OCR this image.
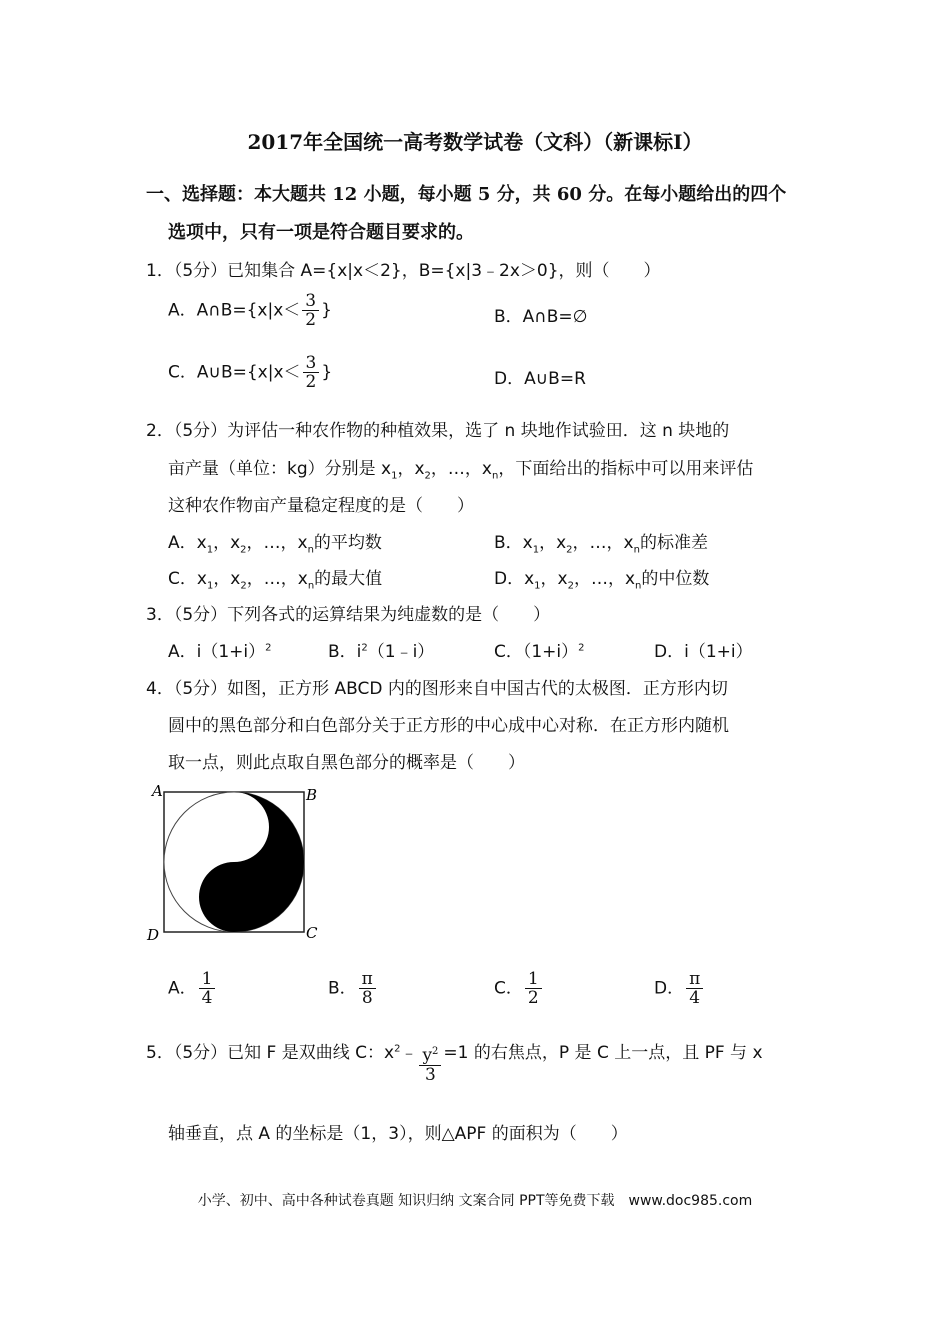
2017年全国统一高考数学试卷（文科）（新课标I）
一、选择题：本大题共 12 小题，每小题 5 分，共 60 分。在每小题给出的四个
选项中，只有一项是符合题目要求的。
1．（5分）已知集合 A={x|x＜2}，B={x|3﹣2x＞0}，则（　　）
A．A∩B={x|x＜ $\frac{3}{2}$ }	B．A∩B=∅
C．A∪B={x|x＜ $\frac{3}{2}$ }	D．A∪B=R
2．（5分）为评估一种农作物的种植效果，选了 n 块地作试验田．这 n 块地的
亩产量（单位：kg）分别是 $x_1$，$x_2$，…，$x_n$，下面给出的指标中可以用来评估
这种农作物亩产量稳定程度的是（　　）
A．$x_1$，$x_2$，…，$x_n$的平均数	B．$x_1$，$x_2$，…，$x_n$的标准差
C．$x_1$，$x_2$，…，$x_n$的最大值	D．$x_1$，$x_2$，…，$x_n$的中位数
3．（5分）下列各式的运算结果为纯虚数的是（　　）
A．$i(1+i)^2$	B．$i^2(1﹣i)$	C．$(1+i)^2$	D．i（1+i）
4．（5分）如图，正方形 ABCD 内的图形来自中国古代的太极图．正方形内切
圆中的黑色部分和白色部分关于正方形的中心成中心对称．在正方形内随机
取一点，则此点取自黑色部分的概率是（　　）
A	B
C
D
A． $\frac{1}{4}$	B． $\frac{\pi}{8}$	C． $\frac{1}{2}$	D． $\frac{\pi}{4}$
5．（5分）已知 F 是双曲线 C：$x^2﹣ \frac{y^2}{3} =1$ 的右焦点，P 是 C 上一点，且 PF 与 x
轴垂直，点 A 的坐标是（1，3），则△APF 的面积为（　　）
小学、初中、高中各种试卷真题 知识归纳 文案合同 PPT等免费下载　www.doc985.com
